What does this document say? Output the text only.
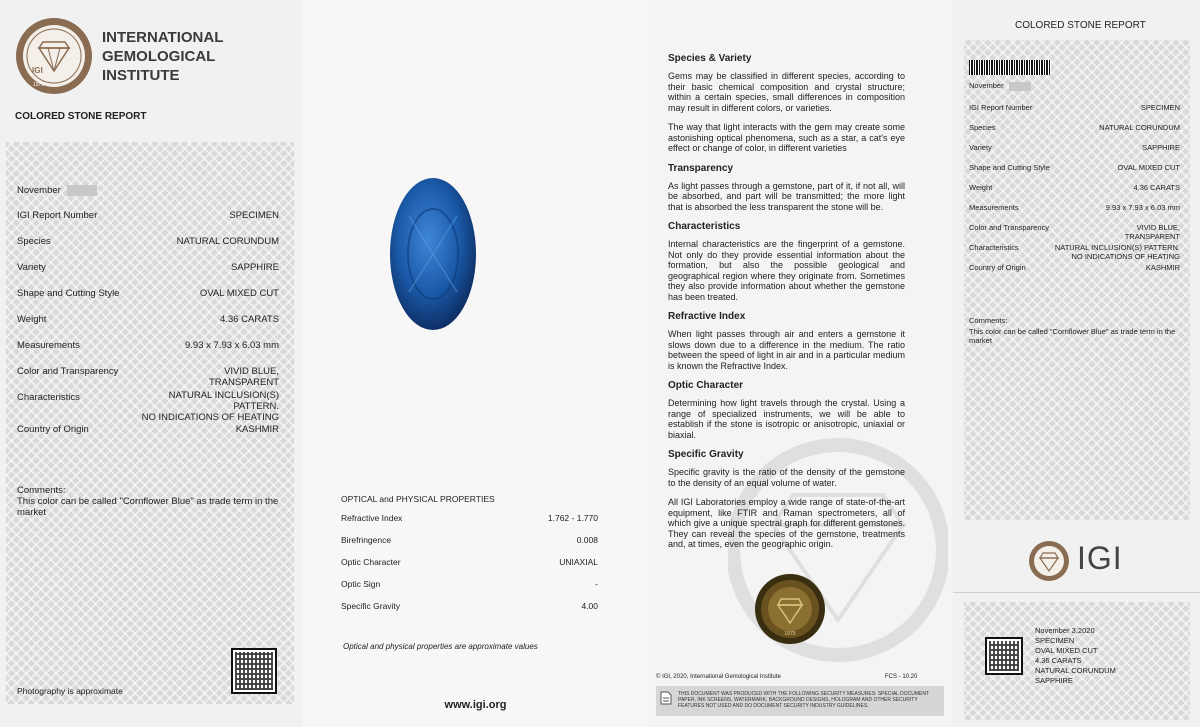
IGI
1975
INTERNATIONAL
GEMOLOGICAL
INSTITUTE
COLORED STONE REPORT
November
IGI Report Number	SPECIMEN
Species	NATURAL CORUNDUM
Variety	SAPPHIRE
Shape and Cutting Style	OVAL MIXED CUT
Weight	4.36 CARATS
Measurements	9.93 x 7.93 x 6.03 mm
Color and Transparency	VIVID BLUE,
TRANSPARENT
Characteristics	NATURAL INCLUSION(S)
PATTERN.
NO INDICATIONS OF HEATING
Country of Origin	KASHMIR
Comments:
This color can be called "Cornflower Blue" as trade term in the market
Photography is approximate
OPTICAL and PHYSICAL PROPERTIES
Refractive Index	1.762 - 1.770
Birefringence	0.008
Optic Character	UNIAXIAL
Optic Sign	-
Specific Gravity	4.00
Optical and physical properties are approximate values
www.igi.org
Species & Variety
Gems may be classified in different species, according to their basic chemical composition and crystal structure; within a certain species, small differences in composition may result in different colors, or varieties.
The way that light interacts with the gem may create some astonishing optical phenomena, such as a star, a cat's eye effect or change of color, in different varieties
Transparency
As light passes through a gemstone, part of it, if not all, will be absorbed, and part will be transmitted; the more light that is absorbed the less transparent the stone will be.
Characteristics
Internal characteristics are the fingerprint of a gemstone. Not only do they provide essential information about the formation, but also the possible geological and geographical region where they originate from. Sometimes they also provide information about whether the gemstone has been treated.
Refractive Index
When light passes through air and enters a gemstone it slows down due to a difference in the medium. The ratio between the speed of light in air and in a particular medium is known the Refractive Index.
Optic Character
Determining how light travels through the crystal. Using a range of specialized instruments, we will be able to establish if the stone is isotropic or anisotropic, uniaxial or biaxial.
Specific Gravity
Specific gravity is the ratio of the density of the gemstone to the density of an equal volume of water.
All IGI Laboratories employ a wide range of state-of-the-art equipment, like FTIR and Raman spectrometers, all of which give a unique spectral graph for different gemstones. They can reveal the species of the gemstone, treatments and, at times, even the geographic origin.
1975
© IGI, 2020, International Gemological Institute	FCS - 10.20
THIS DOCUMENT WAS PRODUCED WITH THE FOLLOWING SECURITY MEASURES: SPECIAL DOCUMENT PAPER, INK SCREENS, WATERMARK, BACKGROUND DESIGNS, HOLOGRAM AND OTHER SECURITY FEATURES NOT USED AND DO DOCUMENT SECURITY INDUSTRY GUIDELINES.
COLORED STONE REPORT
November
IGI Report Number	SPECIMEN
Species	NATURAL CORUNDUM
Variety	SAPPHIRE
Shape and Cutting Style	OVAL MIXED CUT
Weight	4.36 CARATS
Measurements	9.93 x 7.93 x 6.03 mm
Color and Transparency	VIVID BLUE,
TRANSPARENT
Characteristics	NATURAL INCLUSION(S) PATTERN.
NO INDICATIONS OF HEATING
Country of Origin	KASHMIR
Comments:
This color can be called "Cornflower Blue" as trade term in the market
IGI
November 3,2020
SPECIMEN
OVAL MIXED CUT
4.36 CARATS
NATURAL CORUNDUM
SAPPHIRE
